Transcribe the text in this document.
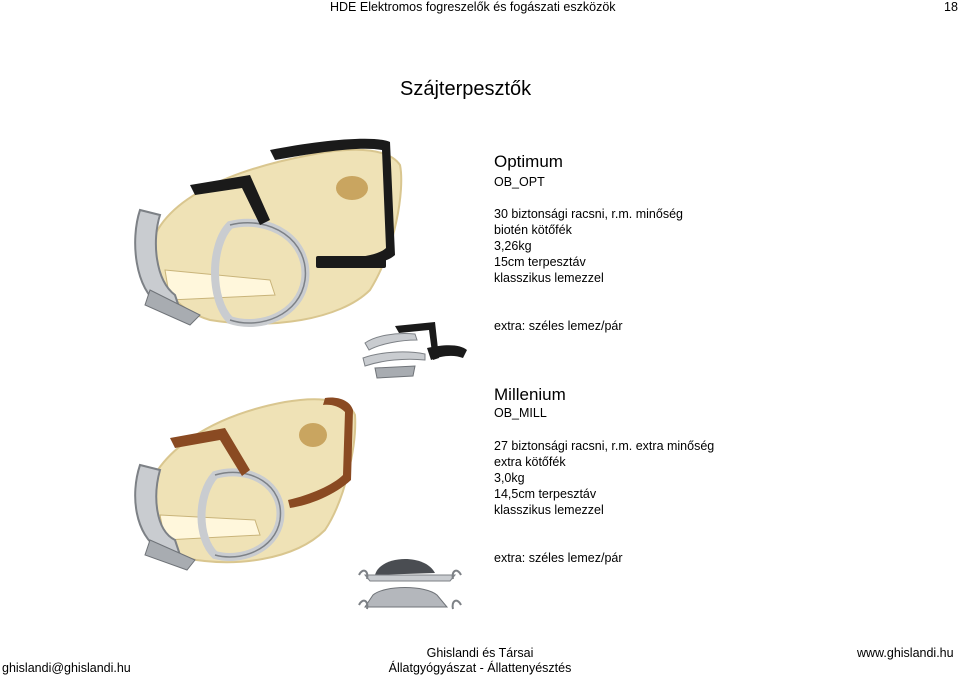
HDE Elektromos fogreszelők és fogászati eszközök	18
Szájterpesztők
Optimum
OB_OPT
30 biztonsági racsni, r.m. minőség
biotén kötőfék
3,26kg
15cm terpesztáv
klasszikus lemezzel
extra: széles lemez/pár
Millenium
OB_MILL
27 biztonsági racsni, r.m. extra minőség
extra kötőfék
3,0kg
14,5cm terpesztáv
klasszikus lemezzel
extra: széles lemez/pár
ghislandi@ghislandi.hu
Ghislandi és Társai
Állatgyógyászat - Állattenyésztés
www.ghislandi.hu
